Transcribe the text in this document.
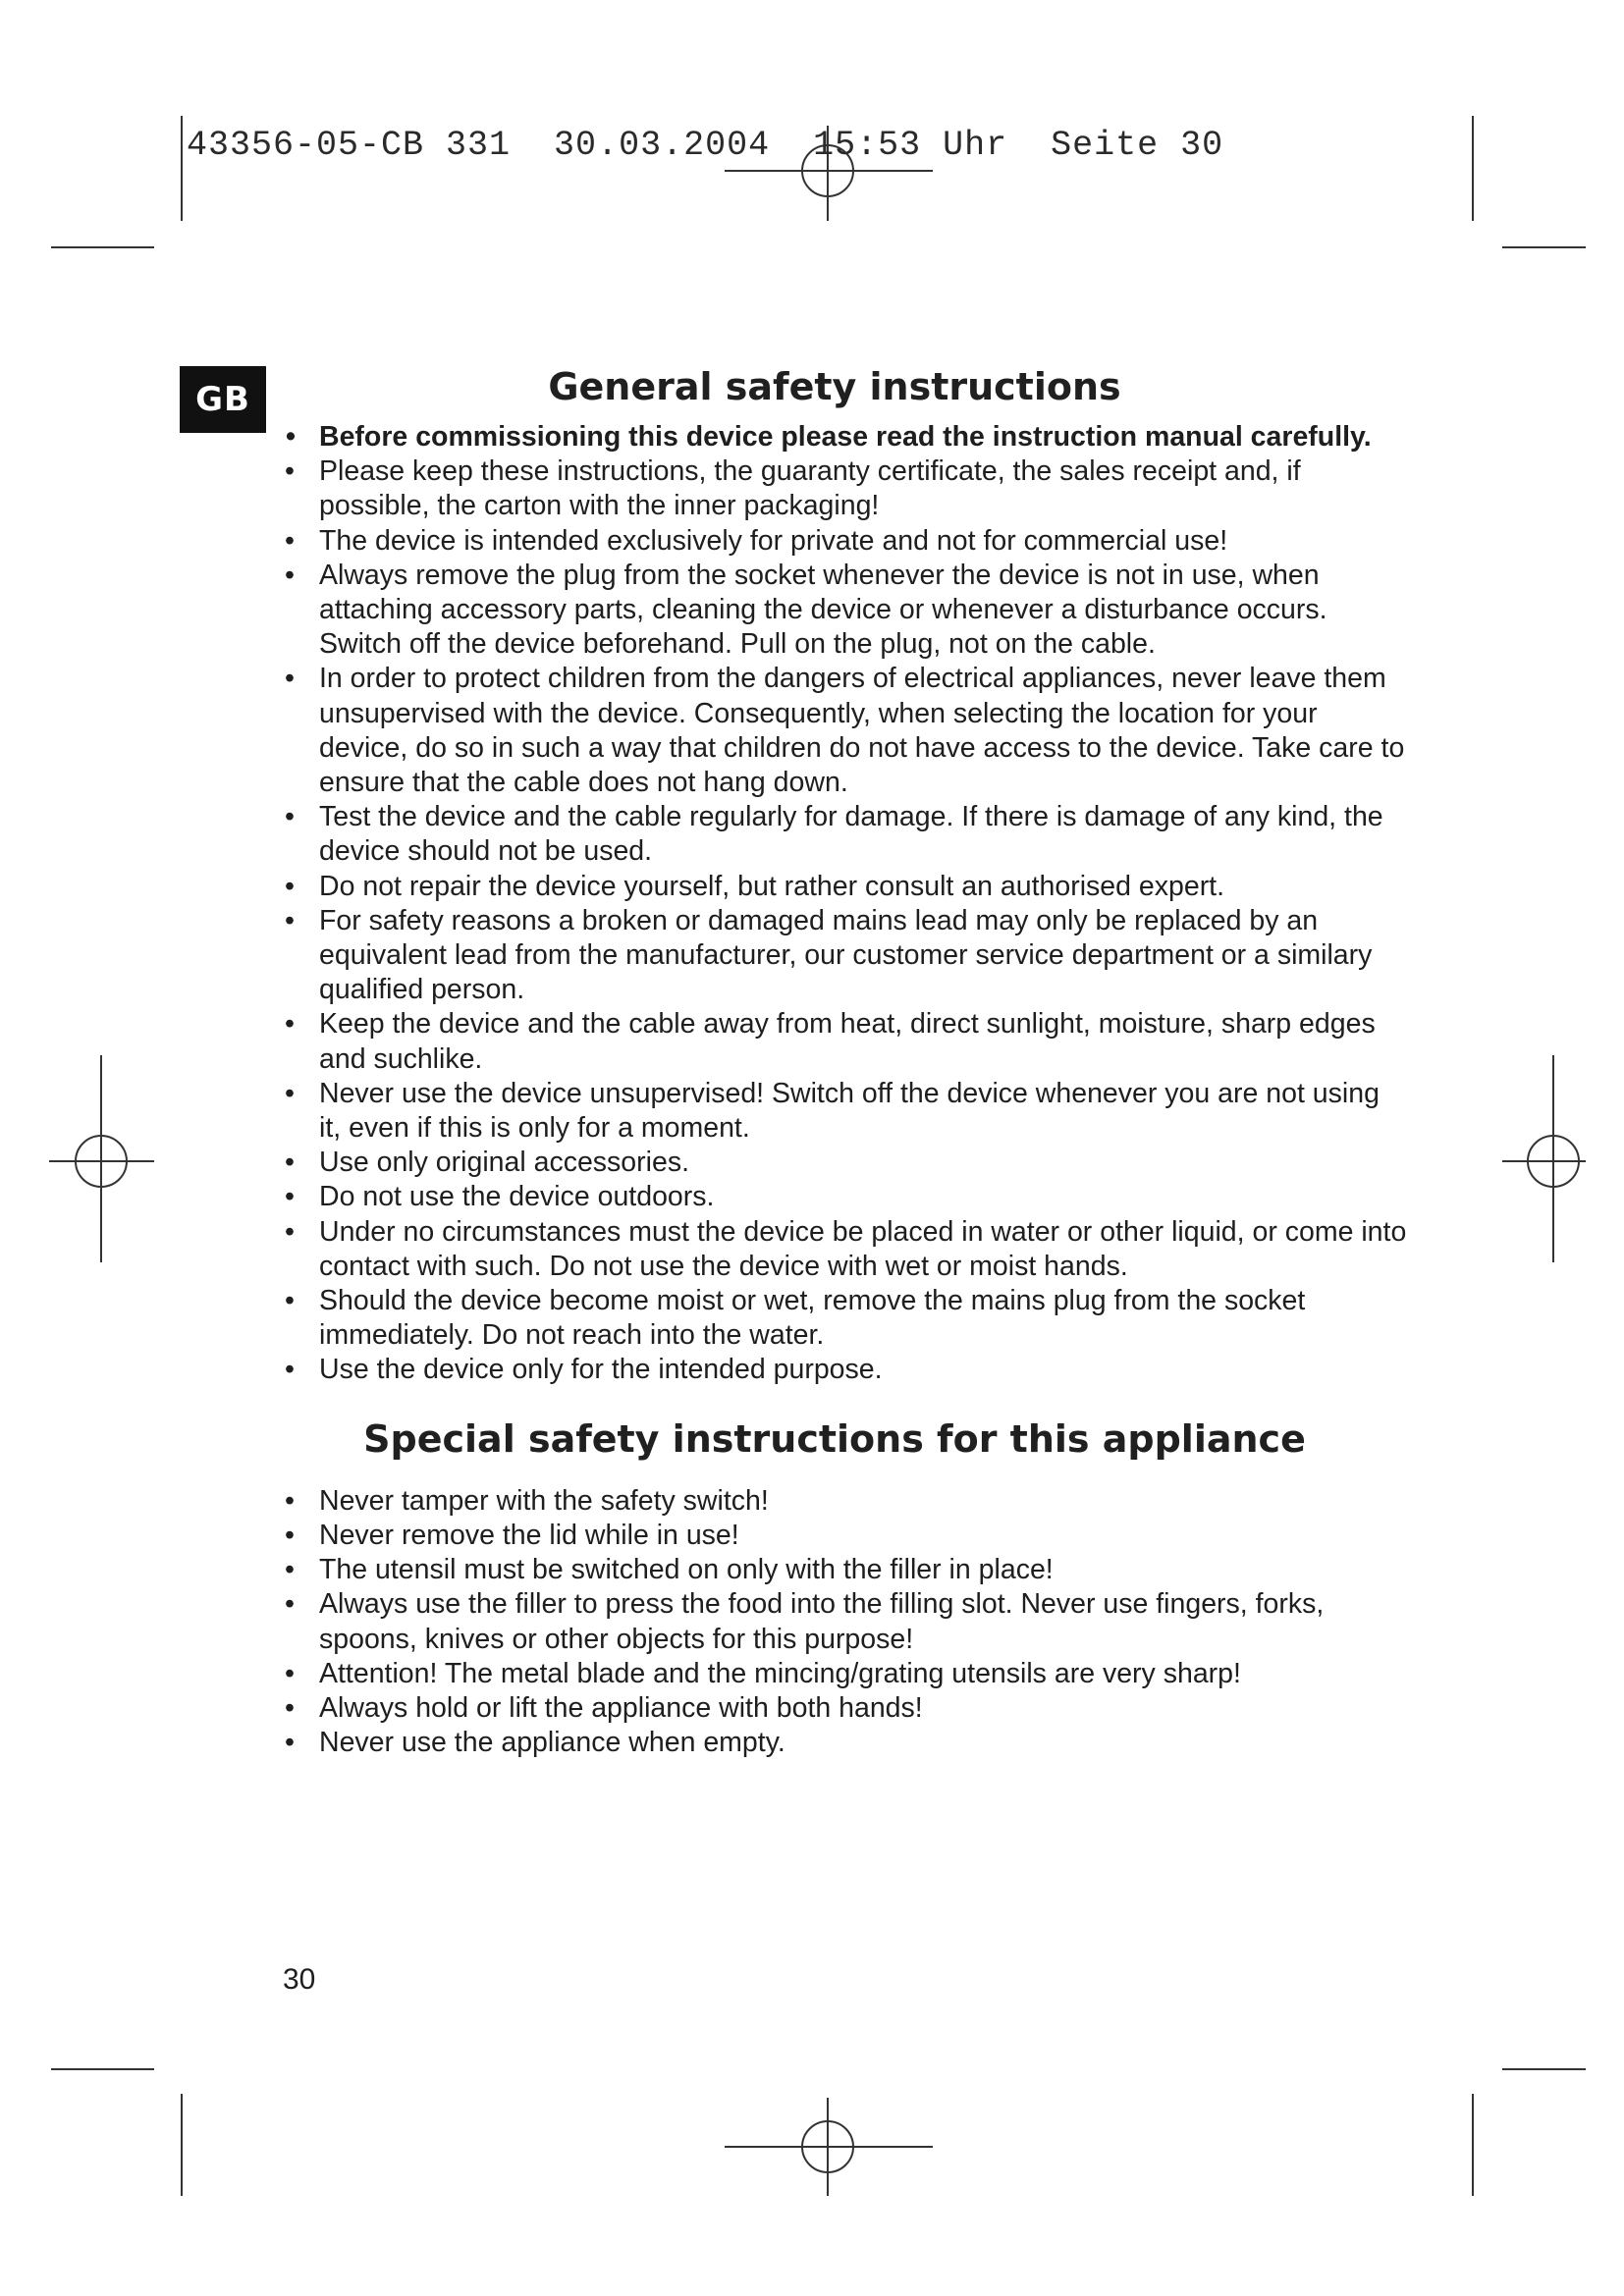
43356-05-CB 331  30.03.2004  15:53 Uhr  Seite 30
GB	General safety instructions
• Before commissioning this device please read the instruction manual carefully.
• Please keep these instructions, the guaranty certificate, the sales receipt and, if possible, the carton with the inner packaging!
• The device is intended exclusively for private and not for commercial use!
• Always remove the plug from the socket whenever the device is not in use, when attaching accessory parts, cleaning the device or whenever a disturbance occurs. Switch off the device beforehand. Pull on the plug, not on the cable.
• In order to protect children from the dangers of electrical appliances, never leave them unsupervised with the device. Consequently, when selecting the location for your device, do so in such a way that children do not have access to the device. Take care to ensure that the cable does not hang down.
• Test the device and the cable regularly for damage. If there is damage of any kind, the device should not be used.
• Do not repair the device yourself, but rather consult an authorised expert.
• For safety reasons a broken or damaged mains lead may only be replaced by an equivalent lead from the manufacturer, our customer service department or a similary qualified person.
• Keep the device and the cable away from heat, direct sunlight, moisture, sharp edges and suchlike.
• Never use the device unsupervised! Switch off the device whenever you are not using it, even if this is only for a moment.
• Use only original accessories.
• Do not use the device outdoors.
• Under no circumstances must the device be placed in water or other liquid, or come into contact with such. Do not use the device with wet or moist hands.
• Should the device become moist or wet, remove the mains plug from the socket immediately. Do not reach into the water.
• Use the device only for the intended purpose.
Special safety instructions for this appliance
• Never tamper with the safety switch!
• Never remove the lid while in use!
• The utensil must be switched on only with the filler in place!
• Always use the filler to press the food into the filling slot. Never use fingers, forks, spoons, knives or other objects for this purpose!
• Attention! The metal blade and the mincing/grating utensils are very sharp!
• Always hold or lift the appliance with both hands!
• Never use the appliance when empty.
30
